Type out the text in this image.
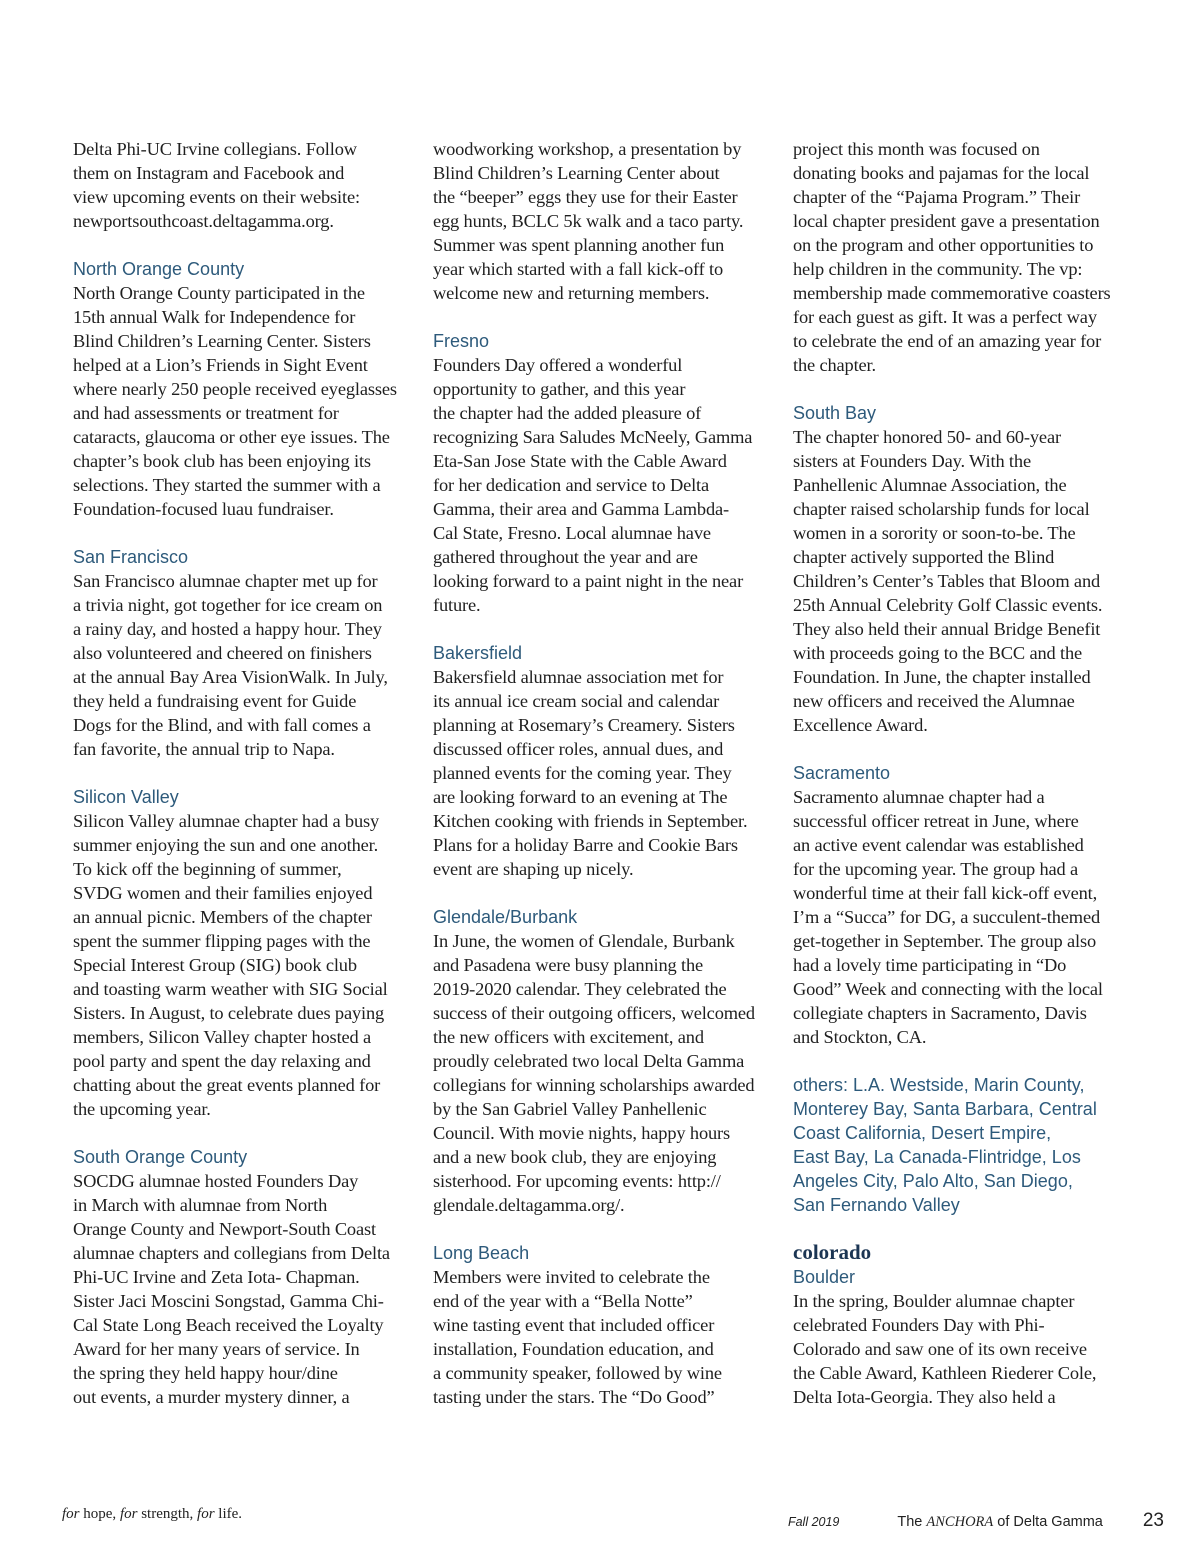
Delta Phi-UC Irvine collegians. Follow
them on Instagram and Facebook and
view upcoming events on their website:
newportsouthcoast.deltagamma.org.

North Orange County

North Orange County participated in the
15th annual Walk for Independence for
Blind Children’s Learning Center. Sisters
helped at a Lion’s Friends in Sight Event
where nearly 250 people received eyeglasses
and had assessments or treatment for
cataracts, glaucoma or other eye issues. The
chapter’s book club has been enjoying its
selections. They started the summer with a
Foundation-focused luau fundraiser.

San Francisco

San Francisco alumnae chapter met up for
a trivia night, got together for ice cream on
a rainy day, and hosted a happy hour. They
also volunteered and cheered on finishers
at the annual Bay Area VisionWalk. In July,
they held a fundraising event for Guide
Dogs for the Blind, and with fall comes a
fan favorite, the annual trip to Napa.

Silicon Valley

Silicon Valley alumnae chapter had a busy
summer enjoying the sun and one another.
To kick off the beginning of summer,
SVDG women and their families enjoyed
an annual picnic. Members of the chapter
spent the summer flipping pages with the
Special Interest Group (SIG) book club
and toasting warm weather with SIG Social
Sisters. In August, to celebrate dues paying
members, Silicon Valley chapter hosted a
pool party and spent the day relaxing and
chatting about the great events planned for
the upcoming year.

South Orange County

SOCDG alumnae hosted Founders Day
in March with alumnae from North
Orange County and Newport-South Coast
alumnae chapters and collegians from Delta
Phi-UC Irvine and Zeta Iota- Chapman.
Sister Jaci Moscini Songstad, Gamma Chi-
Cal State Long Beach received the Loyalty
Award for her many years of service. In
the spring they held happy hour/dine
out events, a murder mystery dinner, a

woodworking workshop, a presentation by
Blind Children’s Learning Center about
the “beeper” eggs they use for their Easter
egg hunts, BCLC 5k walk and a taco party.
Summer was spent planning another fun
year which started with a fall kick-off to
welcome new and returning members.

Fresno

Founders Day offered a wonderful
opportunity to gather, and this year
the chapter had the added pleasure of
recognizing Sara Saludes McNeely, Gamma
Eta-San Jose State with the Cable Award
for her dedication and service to Delta
Gamma, their area and Gamma Lambda-
Cal State, Fresno. Local alumnae have
gathered throughout the year and are
looking forward to a paint night in the near
future.

Bakersfield

Bakersfield alumnae association met for
its annual ice cream social and calendar
planning at Rosemary’s Creamery. Sisters
discussed officer roles, annual dues, and
planned events for the coming year. They
are looking forward to an evening at The
Kitchen cooking with friends in September.
Plans for a holiday Barre and Cookie Bars
event are shaping up nicely.

Glendale/Burbank

In June, the women of Glendale, Burbank
and Pasadena were busy planning the
2019-2020 calendar. They celebrated the
success of their outgoing officers, welcomed
the new officers with excitement, and
proudly celebrated two local Delta Gamma
collegians for winning scholarships awarded
by the San Gabriel Valley Panhellenic
Council. With movie nights, happy hours
and a new book club, they are enjoying
sisterhood. For upcoming events: http://
glendale.deltagamma.org/.

Long Beach

Members were invited to celebrate the
end of the year with a “Bella Notte”
wine tasting event that included officer
installation, Foundation education, and
a community speaker, followed by wine
tasting under the stars. The “Do Good”

project this month was focused on
donating books and pajamas for the local
chapter of the “Pajama Program.” Their
local chapter president gave a presentation
on the program and other opportunities to
help children in the community. The vp:
membership made commemorative coasters
for each guest as gift. It was a perfect way
to celebrate the end of an amazing year for
the chapter.

South Bay

The chapter honored 50- and 60-year
sisters at Founders Day. With the
Panhellenic Alumnae Association, the
chapter raised scholarship funds for local
women in a sorority or soon-to-be. The
chapter actively supported the Blind
Children’s Center’s Tables that Bloom and
25th Annual Celebrity Golf Classic events.
They also held their annual Bridge Benefit
with proceeds going to the BCC and the
Foundation. In June, the chapter installed
new officers and received the Alumnae
Excellence Award.

Sacramento

Sacramento alumnae chapter had a
successful officer retreat in June, where
an active event calendar was established
for the upcoming year. The group had a
wonderful time at their fall kick-off event,
I’m a “Succa” for DG, a succulent-themed
get-together in September. The group also
had a lovely time participating in “Do
Good” Week and connecting with the local
collegiate chapters in Sacramento, Davis
and Stockton, CA.

others: L.A. Westside, Marin County,
Monterey Bay, Santa Barbara, Central
Coast California, Desert Empire,
East Bay, La Canada-Flintridge, Los
Angeles City, Palo Alto, San Diego,
San Fernando Valley

colorado
Boulder

In the spring, Boulder alumnae chapter
celebrated Founders Day with Phi-
Colorado and saw one of its own receive
the Cable Award, Kathleen Riederer Cole,
Delta Iota-Georgia. They also held a

for hope, for strength, for life.	Fall 2019	The ANCHORA of Delta Gamma 23
